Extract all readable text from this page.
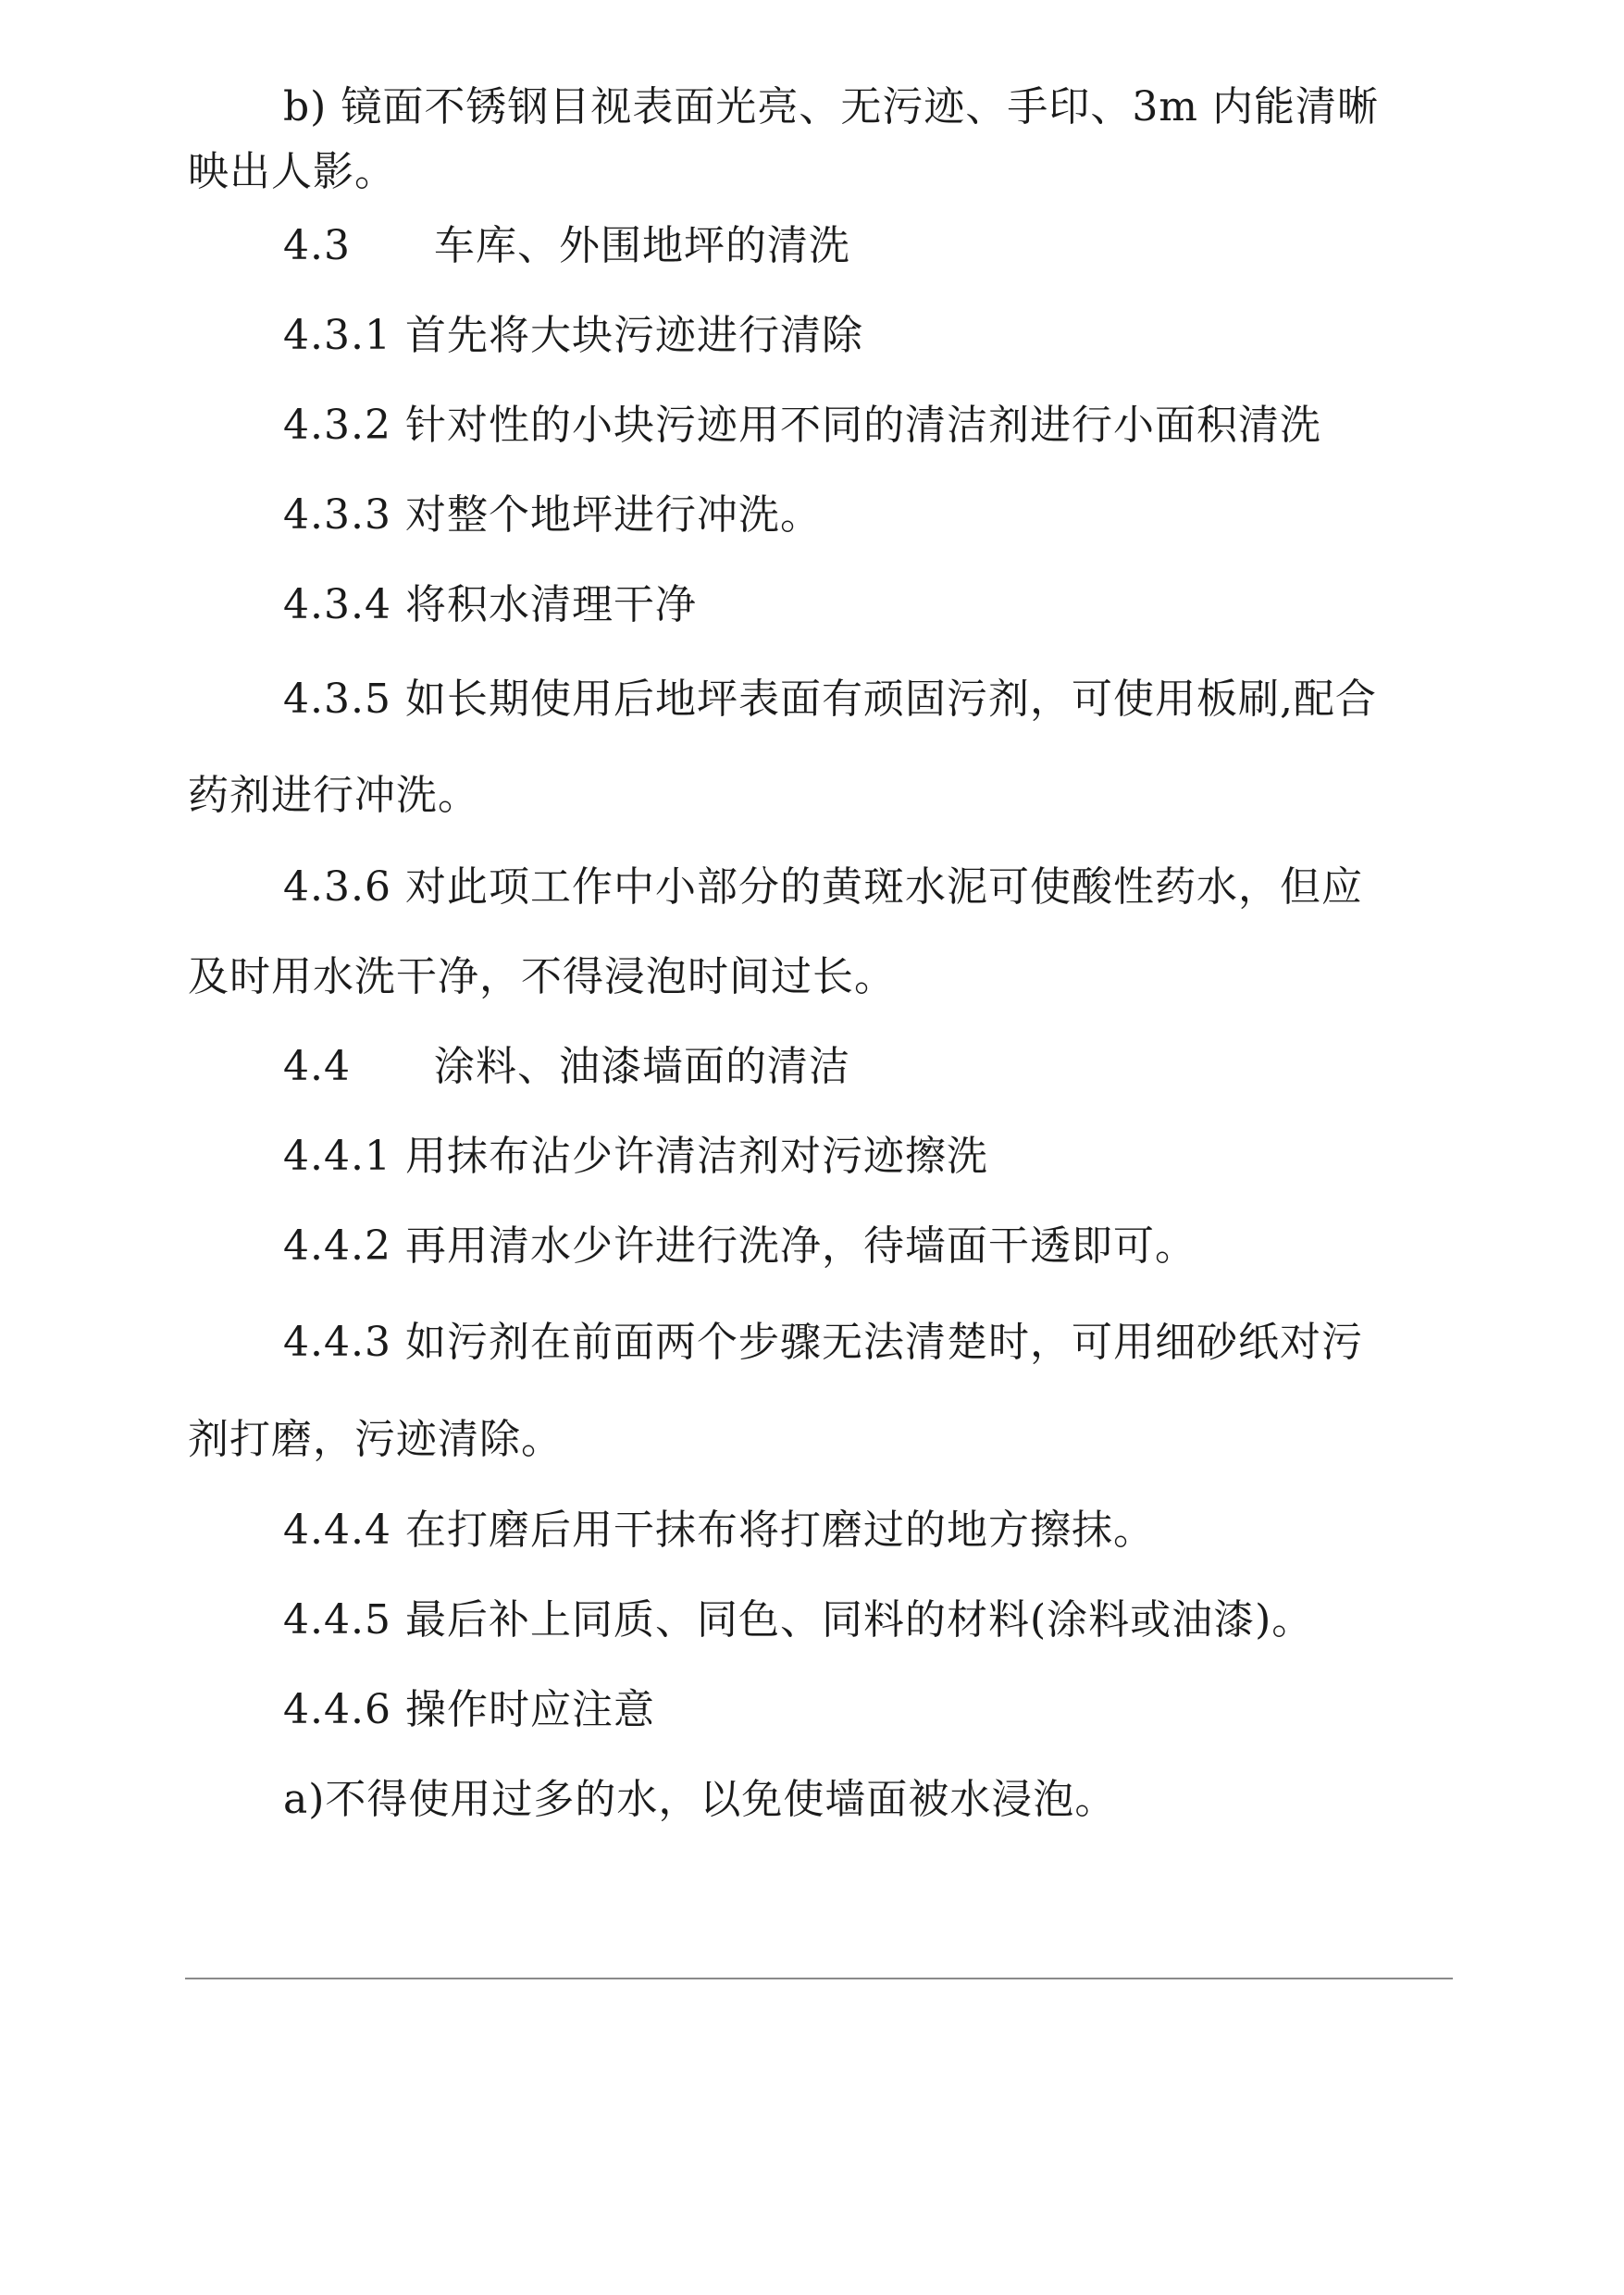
b) 镜面不锈钢目视表面光亮、无污迹、手印、3m 内能清晰
映出人影。
4.3　　车库、外围地坪的清洗
4.3.1 首先将大块污迹进行清除
4.3.2 针对性的小块污迹用不同的清洁剂进行小面积清洗
4.3.3 对整个地坪进行冲洗。
4.3.4 将积水清理干净
4.3.5 如长期使用后地坪表面有顽固污剂，可使用板刷,配合
药剂进行冲洗。
4.3.6 对此项工作中小部分的黄斑水泥可使酸性药水，但应
及时用水洗干净，不得浸泡时间过长。
4.4　　涂料、油漆墙面的清洁
4.4.1 用抹布沾少许清洁剂对污迹擦洗
4.4.2 再用清水少许进行洗净，待墙面干透即可。
4.4.3 如污剂在前面两个步骤无法清楚时，可用细砂纸对污
剂打磨，污迹清除。
4.4.4 在打磨后用干抹布将打磨过的地方擦抹。
4.4.5 最后补上同质、同色、同料的材料(涂料或油漆)。
4.4.6 操作时应注意
a)不得使用过多的水，以免使墙面被水浸泡。
